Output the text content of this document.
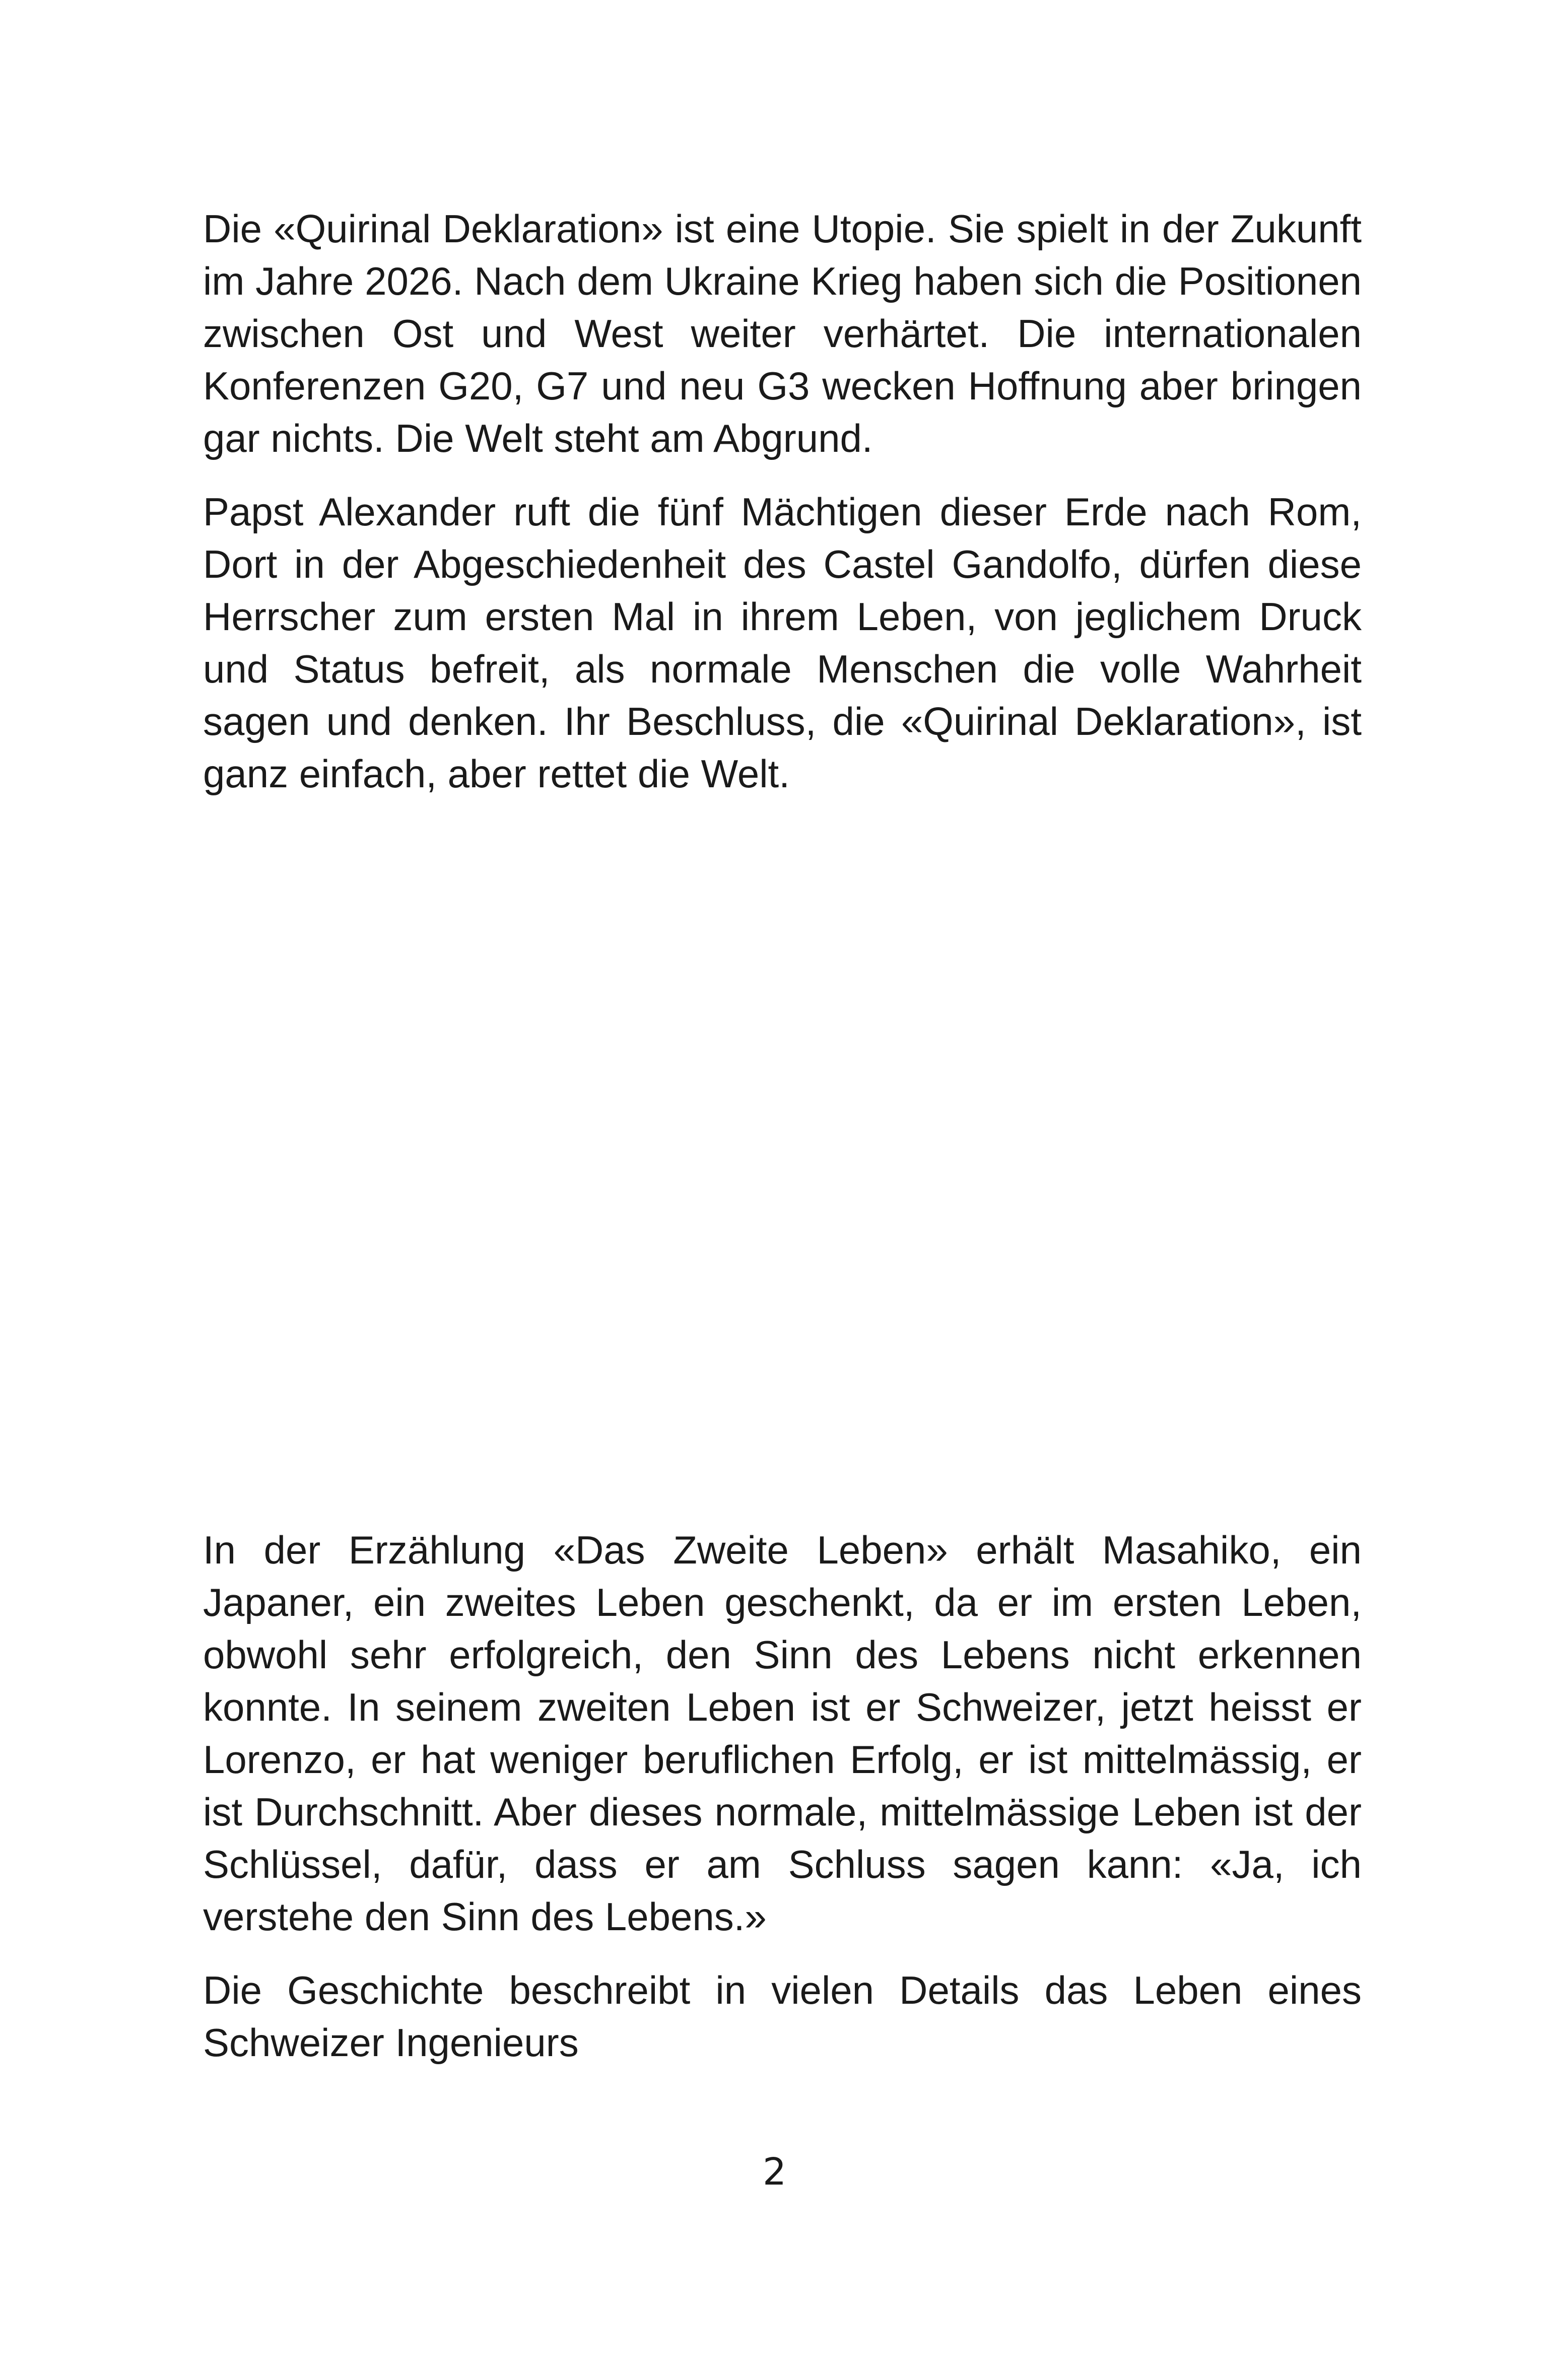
Die «Quirinal Deklaration» ist eine Utopie. Sie spielt in der Zukunft im Jahre 2026. Nach dem Ukraine Krieg haben sich die Positionen zwischen Ost und West weiter verhärtet. Die internationalen Konferenzen G20, G7 und neu G3 wecken Hoffnung aber bringen gar nichts. Die Welt steht am Abgrund.

Papst Alexander ruft die fünf Mächtigen dieser Erde nach Rom, Dort in der Abgeschiedenheit des Castel Gandolfo, dürfen diese Herrscher zum ersten Mal in ihrem Leben, von jeglichem Druck und Status befreit, als normale Menschen die volle Wahrheit sagen und denken. Ihr Beschluss, die «Quirinal Deklaration», ist ganz einfach, aber rettet die Welt.

In der Erzählung «Das Zweite Leben» erhält Masahiko, ein Japaner, ein zweites Leben geschenkt, da er im ersten Leben, obwohl sehr erfolgreich, den Sinn des Lebens nicht erkennen konnte. In seinem zweiten Leben ist er Schweizer, jetzt heisst er Lorenzo, er hat weniger beruflichen Erfolg, er ist mittelmässig, er ist Durchschnitt. Aber dieses normale, mittelmässige Leben ist der Schlüssel, dafür, dass er am Schluss sagen kann: «Ja, ich verstehe den Sinn des Lebens.»

Die Geschichte beschreibt in vielen Details das Leben eines Schweizer Ingenieurs

2
